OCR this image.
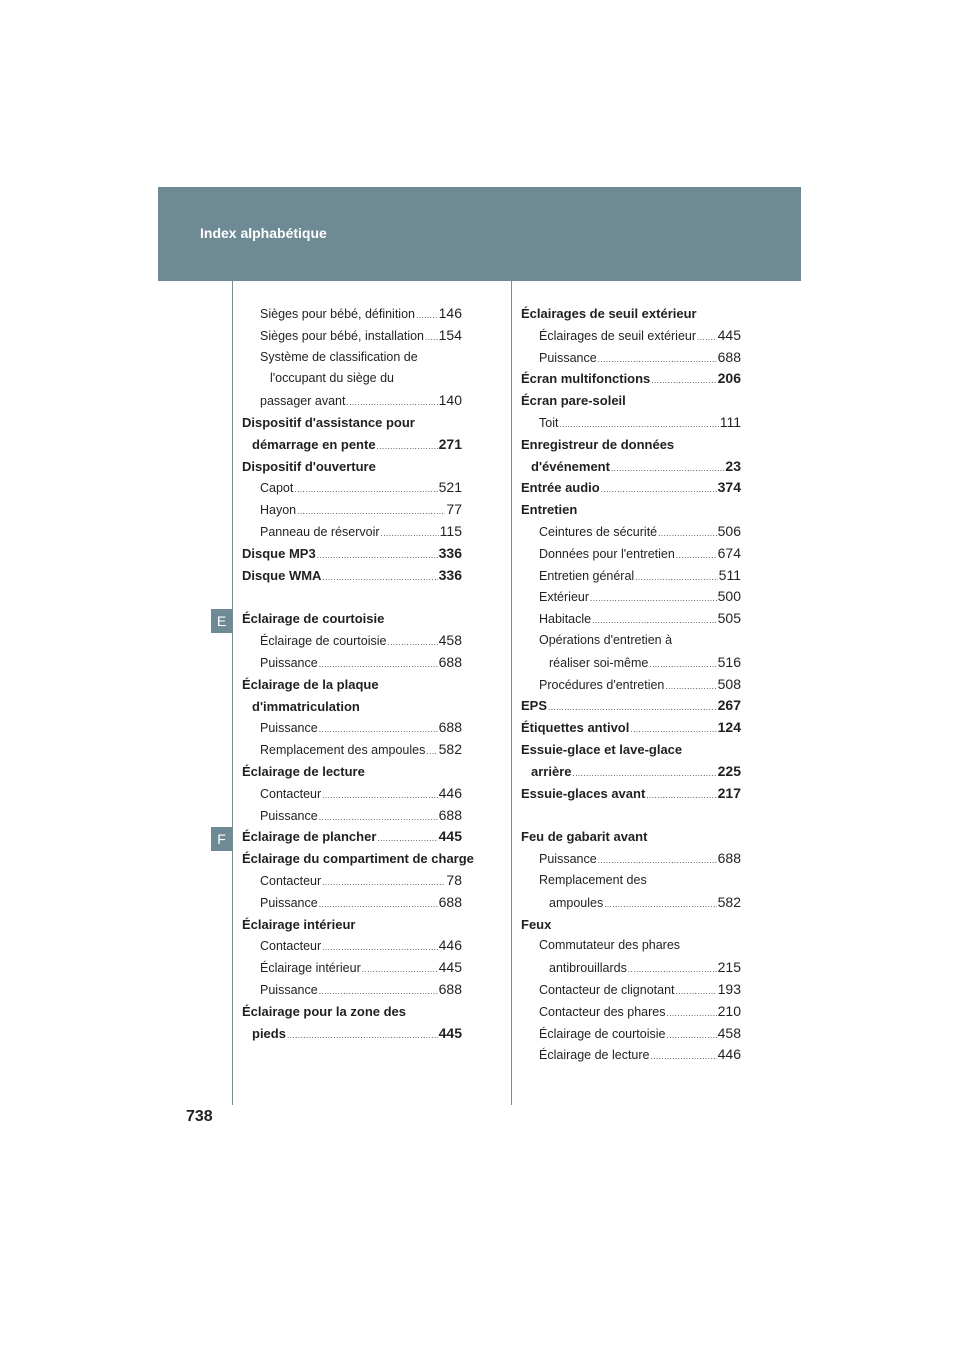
Index alphabétique
E
F
Sièges pour bébé, définition ..... 146
Sièges pour bébé, installation ..... 154
Système de classification de
l'occupant du siège du
passager avant .....	140
Dispositif d'assistance pour
démarrage en pente .....	271
Dispositif d'ouverture
Capot .....	521
Hayon .....	77
Panneau de réservoir .....	115
Disque MP3 .....	336
Disque WMA .....	336
Éclairage de courtoisie
Éclairage de courtoisie .....	458
Puissance .....	688
Éclairage de la plaque
d'immatriculation
Puissance .....	688
Remplacement des ampoules ..... 582
Éclairage de lecture
Contacteur .....	446
Puissance .....	688
Éclairage de plancher .....	445
Éclairage du compartiment de charge
Contacteur .....	78
Puissance .....	688
Éclairage intérieur
Contacteur .....	446
Éclairage intérieur .....	445
Puissance .....	688
Éclairage pour la zone des
pieds .....	445
Éclairages de seuil extérieur
Éclairages de seuil extérieur ..... 445
Puissance .....	688
Écran multifonctions .....	206
Écran pare-soleil
Toit .....	111
Enregistreur de données
d'événement .....	23
Entrée audio .....	374
Entretien
Ceintures de sécurité .....	506
Données pour l'entretien .....	674
Entretien général .....	511
Extérieur .....	500
Habitacle .....	505
Opérations d'entretien à
réaliser soi-même .....	516
Procédures d'entretien .....	508
EPS .....	267
Étiquettes antivol .....	124
Essuie-glace et lave-glace
arrière .....	225
Essuie-glaces avant .....	217
Feu de gabarit avant
Puissance .....	688
Remplacement des
ampoules .....	582
Feux
Commutateur des phares
antibrouillards .....	215
Contacteur de clignotant .....	193
Contacteur des phares .....	210
Éclairage de courtoisie .....	458
Éclairage de lecture .....	446
738
